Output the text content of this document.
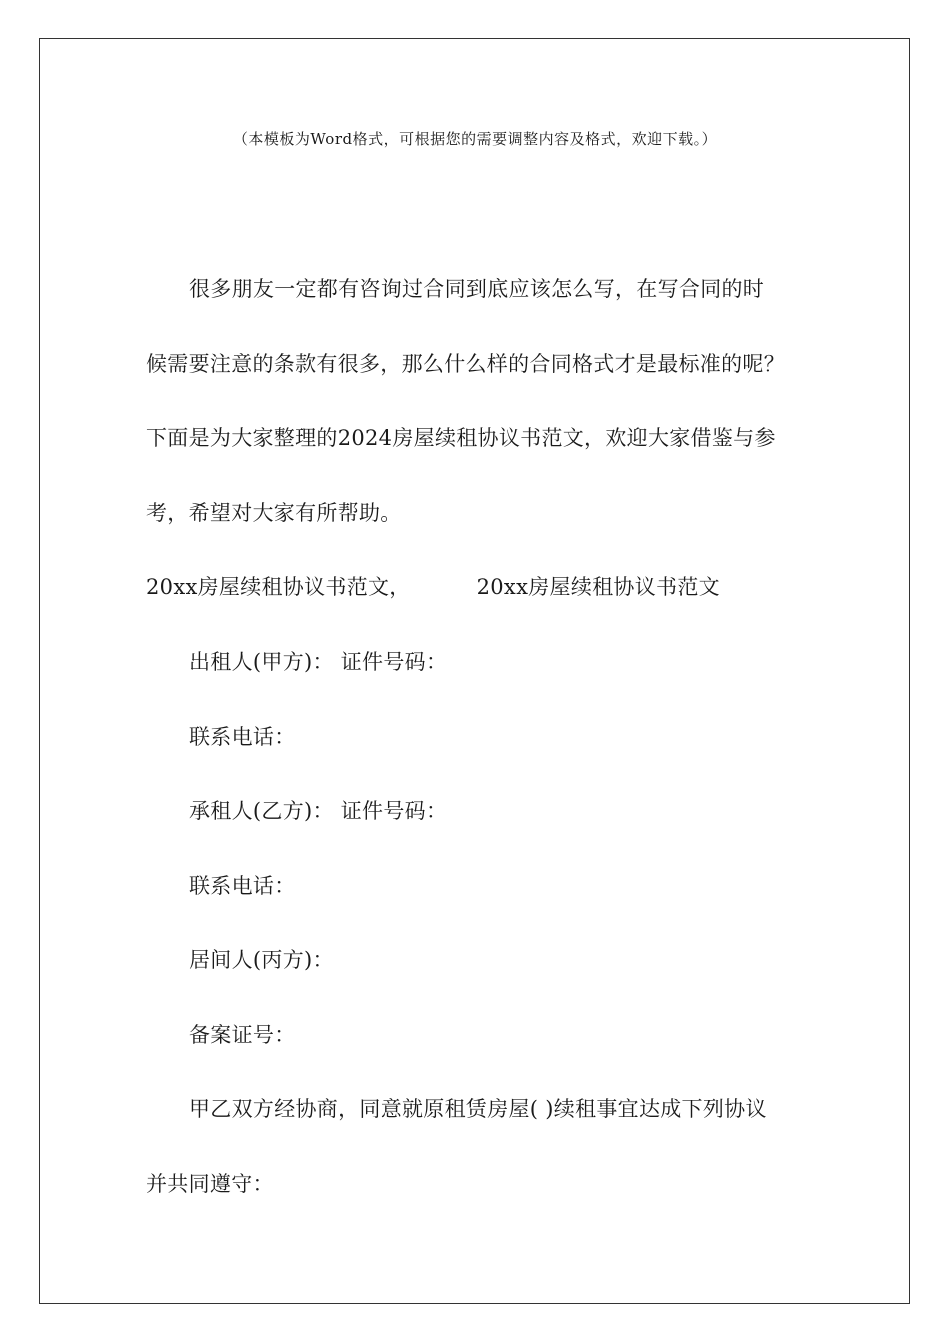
（本模板为Word格式，可根据您的需要调整内容及格式，欢迎下载。）
很多朋友一定都有咨询过合同到底应该怎么写，在写合同的时
候需要注意的条款有很多，那么什么样的合同格式才是最标准的呢？
下面是为大家整理的2024房屋续租协议书范文，欢迎大家借鉴与参
考，希望对大家有所帮助。
20xx房屋续租协议书范文，	20xx房屋续租协议书范文
出租人(甲方)： 证件号码：
联系电话：
承租人(乙方)： 证件号码：
联系电话：
居间人(丙方)：
备案证号：
甲乙双方经协商，同意就原租赁房屋( )续租事宜达成下列协议
并共同遵守：
